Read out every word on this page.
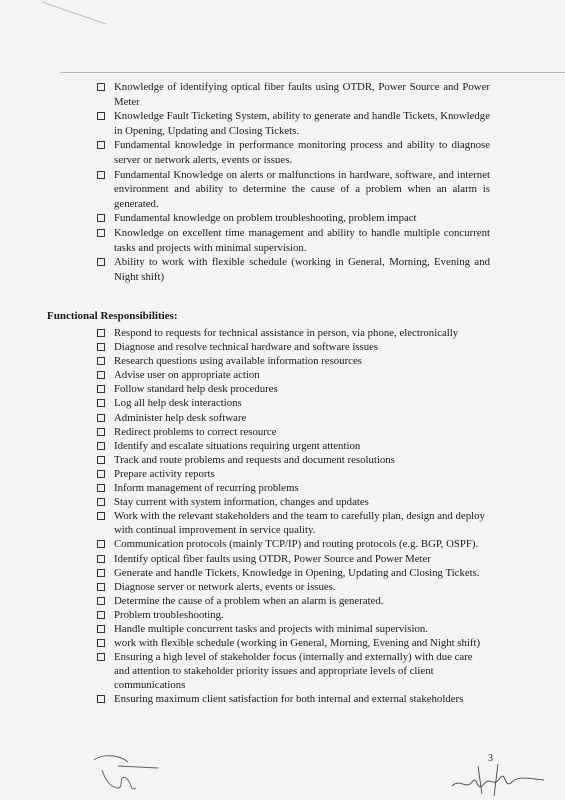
Knowledge of identifying optical fiber faults using OTDR, Power Source and Power Meter
Knowledge Fault Ticketing System, ability to generate and handle Tickets, Knowledge in Opening, Updating and Closing Tickets.
Fundamental knowledge in performance monitoring process and ability to diagnose server or network alerts, events or issues.
Fundamental Knowledge on alerts or malfunctions in hardware, software, and internet environment and ability to determine the cause of a problem when an alarm is generated.
Fundamental knowledge on problem troubleshooting, problem impact
Knowledge on excellent time management and ability to handle multiple concurrent tasks and projects with minimal supervision.
Ability to work with flexible schedule (working in General, Morning, Evening and Night shift)

Functional Responsibilities:

Respond to requests for technical assistance in person, via phone, electronically
Diagnose and resolve technical hardware and software issues
Research questions using available information resources
Advise user on appropriate action
Follow standard help desk procedures
Log all help desk interactions
Administer help desk software
Redirect problems to correct resource
Identify and escalate situations requiring urgent attention
Track and route problems and requests and document resolutions
Prepare activity reports
Inform management of recurring problems
Stay current with system information, changes and updates
Work with the relevant stakeholders and the team to carefully plan, design and deploy with continual improvement in service quality.
Communication protocols (mainly TCP/IP) and routing protocols (e.g. BGP, OSPF).
Identify optical fiber faults using OTDR, Power Source and Power Meter
Generate and handle Tickets, Knowledge in Opening, Updating and Closing Tickets.
Diagnose server or network alerts, events or issues.
Determine the cause of a problem when an alarm is generated.
Problem troubleshooting.
Handle multiple concurrent tasks and projects with minimal supervision.
work with flexible schedule (working in General, Morning, Evening and Night shift)
Ensuring a high level of stakeholder focus (internally and externally) with due care and attention to stakeholder priority issues and appropriate levels of client communications
Ensuring maximum client satisfaction for both internal and external stakeholders
3
